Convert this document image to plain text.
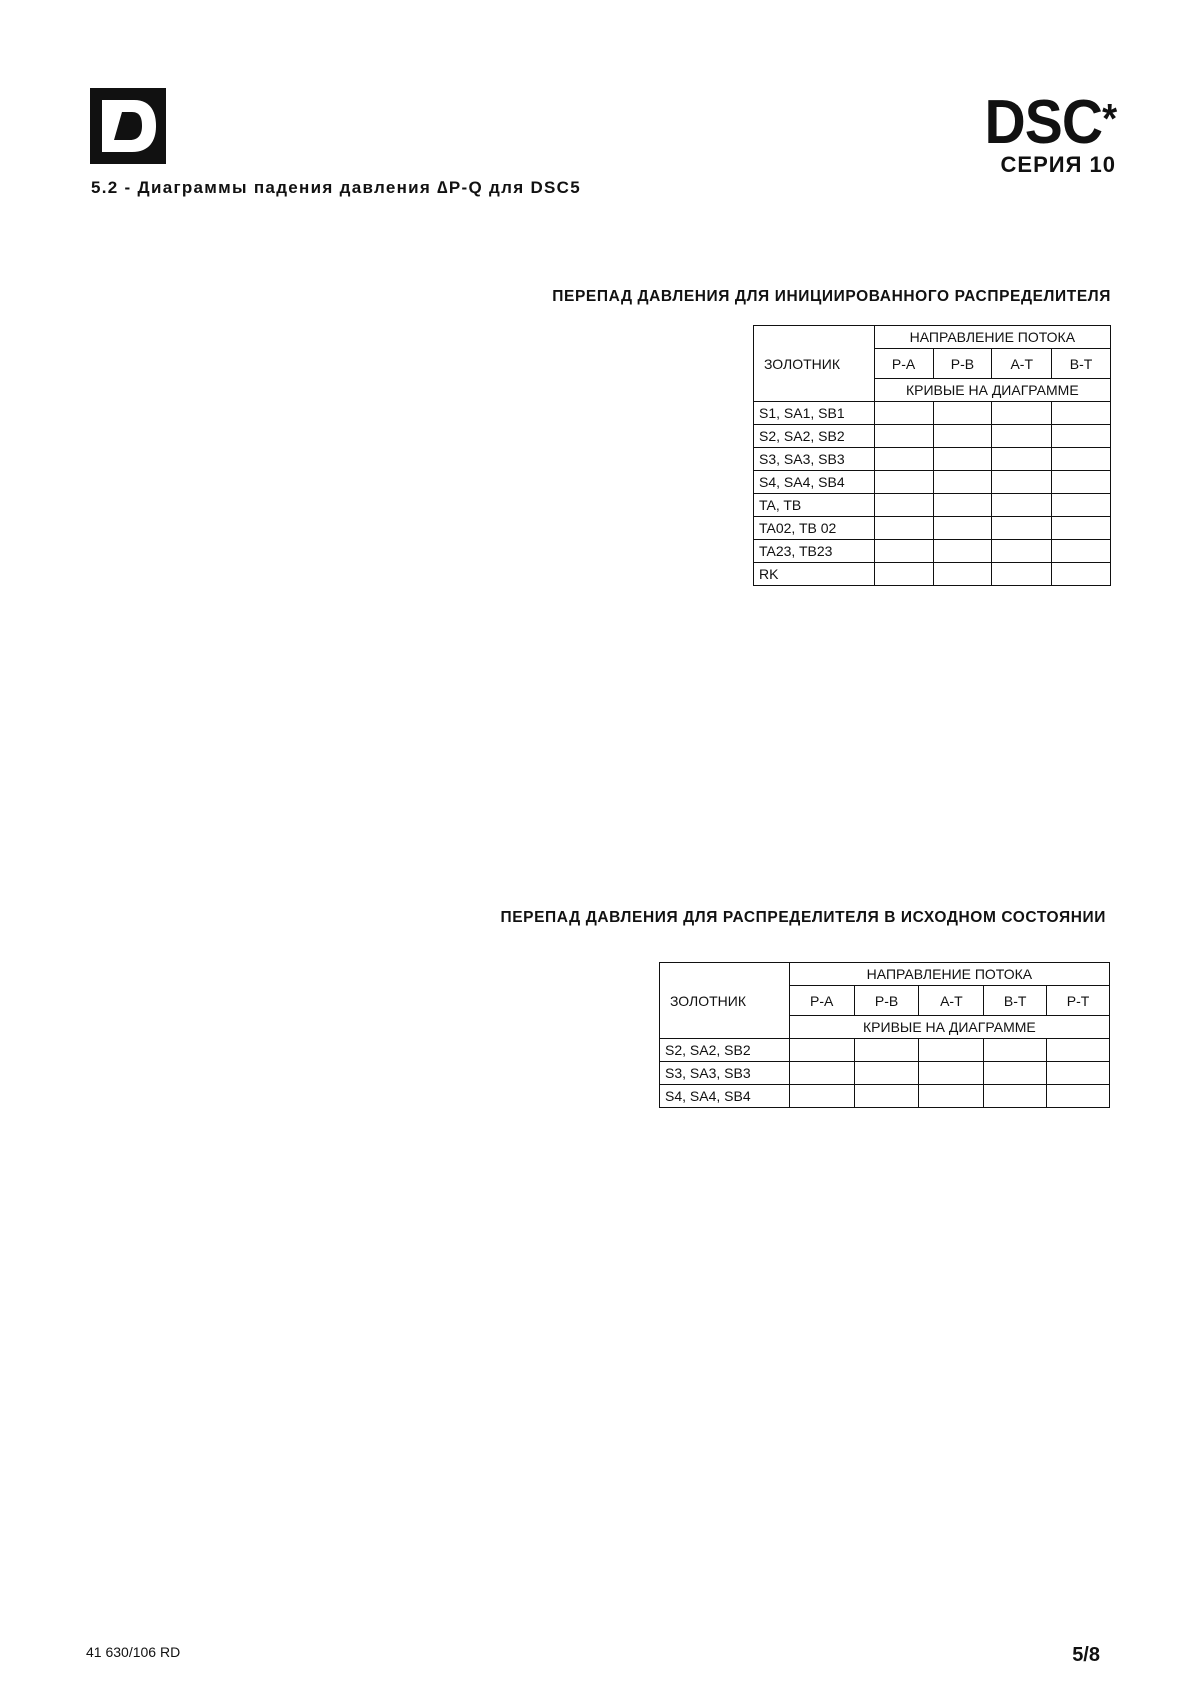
DSC*
СЕРИЯ 10
5.2 - Диаграммы падения давления ∆P-Q для DSC5
ПЕРЕПАД ДАВЛЕНИЯ ДЛЯ ИНИЦИИРОВАННОГО РАСПРЕДЕЛИТЕЛЯ
ЗОЛОТНИК	НАПРАВЛЕНИЕ ПОТОКА			
	P-A	P-B	A-T	B-T
	КРИВЫЕ НА ДИАГРАММЕ			
S1, SA1, SB1				
S2, SA2, SB2				
S3, SA3, SB3				
S4, SA4, SB4				
TA, TB				
TA02, TB 02				
TA23, TB23				
RK				
ПЕРЕПАД ДАВЛЕНИЯ ДЛЯ РАСПРЕДЕЛИТЕЛЯ В ИСХОДНОМ СОСТОЯНИИ
ЗОЛОТНИК	НАПРАВЛЕНИЕ ПОТОКА				
	P-A	P-B	A-T	B-T	P-T
	КРИВЫЕ НА ДИАГРАММЕ				
S2, SA2, SB2					
S3, SA3, SB3					
S4, SA4, SB4					
41 630/106 RD	5/8
